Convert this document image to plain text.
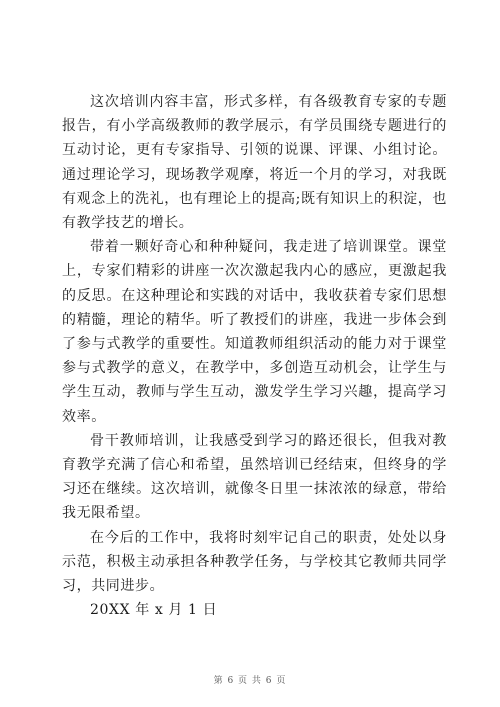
这次培训内容丰富，形式多样，有各级教育专家的专题报告，有小学高级教师的教学展示，有学员围绕专题进行的互动讨论，更有专家指导、引领的说课、评课、小组讨论。通过理论学习，现场教学观摩，将近一个月的学习，对我既有观念上的洗礼，也有理论上的提高;既有知识上的积淀，也有教学技艺的增长。

带着一颗好奇心和种种疑问，我走进了培训课堂。课堂上，专家们精彩的讲座一次次激起我内心的感应，更激起我的反思。在这种理论和实践的对话中，我收获着专家们思想的精髓，理论的精华。听了教授们的讲座，我进一步体会到了参与式教学的重要性。知道教师组织活动的能力对于课堂参与式教学的意义，在教学中，多创造互动机会，让学生与学生互动，教师与学生互动，激发学生学习兴趣，提高学习效率。

骨干教师培训，让我感受到学习的路还很长，但我对教育教学充满了信心和希望，虽然培训已经结束，但终身的学习还在继续。这次培训，就像冬日里一抹浓浓的绿意，带给我无限希望。

在今后的工作中，我将时刻牢记自己的职责，处处以身示范，积极主动承担各种教学任务，与学校其它教师共同学习，共同进步。

20XX 年 x 月 1 日

第 6 页 共 6 页
